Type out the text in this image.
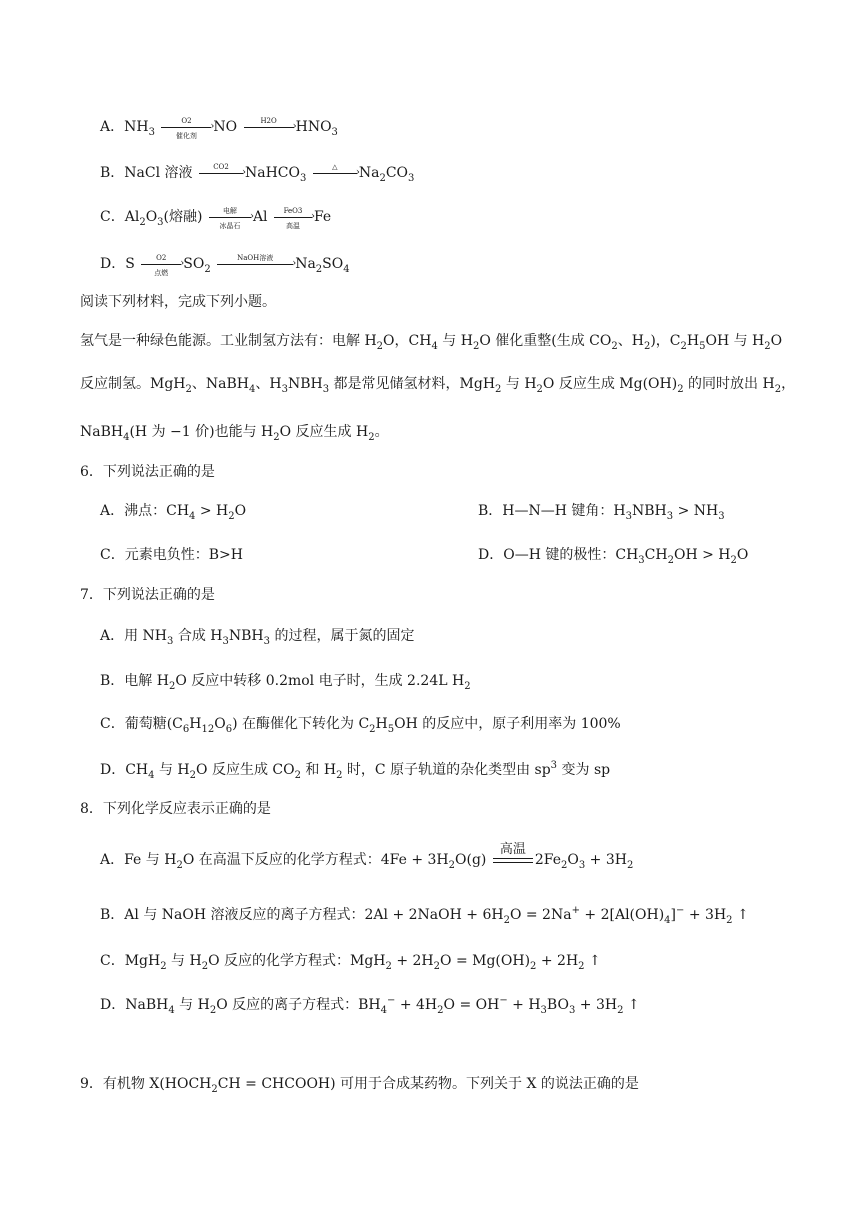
A．$NH_3$
O2	›
催化剂
NO	H2O	› $HNO_3$
B．NaCl 溶液	CO2	› NaHCO$_3$
△	› $Na_2CO_3$
C．$Al_2O_3$(熔融)	电解	›
冰晶石
Al	FeO3 ›
高温
Fe
D．S	O2	›
点燃
$SO_2$
NaOH溶液	› $Na_2SO_4$
阅读下列材料，完成下列小题。
氢气是一种绿色能源。工业制氢方法有：电解 $H_2O$，$CH_4$ 与 $H_2O$ 催化重整(生成 $CO_2$、$H_2$)，$C_2H_5OH$ 与 $H_2O$
反应制氢。MgH$_2$、NaBH$_4$、$H_3NBH_3$ 都是常见储氢材料，MgH$_2$ 与 $H_2O$ 反应生成 $Mg(OH)_2$ 的同时放出 $H_2$，
NaBH$_4$(H 为 −1 价)也能与 $H_2O$ 反应生成 $H_2$。
6．下列说法正确的是
A．沸点：$CH_4 > H_2O$	B．H—N—H 键角：$H_3NBH_3 > NH_3$
C．元素电负性：B>H	D．O—H 键的极性：$CH_3CH_2OH > H_2O$
7．下列说法正确的是
A．用 $NH_3$ 合成 $H_3NBH_3$ 的过程，属于氮的固定
B．电解 $H_2O$ 反应中转移 0.2mol 电子时，生成 2.24L $H_2$
C．葡萄糖$(C_6H_{12}O_6)$ 在酶催化下转化为 $C_2H_5OH$ 的反应中，原子利用率为 100%
D．$CH_4$ 与 $H_2O$ 反应生成 $CO_2$ 和 $H_2$ 时，C 原子轨道的杂化类型由 $sp^3$ 变为 sp
8．下列化学反应表示正确的是
A．Fe 与 $H_2O$ 在高温下反应的化学方程式：$4Fe + 3H_2O(g)$
高温
$2Fe_2O_3 + 3H_2$
B．Al 与 NaOH 溶液反应的离子方程式：2Al + 2NaOH + $6H_2O = 2Na^+ + 2[Al(OH)_4]^- + 3H_2$ ↑
C．MgH$_2$ 与 $H_2O$ 反应的化学方程式：$MgH_2 + 2H_2O = Mg(OH)_2 + 2H_2$ ↑
D．NaBH$_4$ 与 $H_2O$ 反应的离子方程式：$BH_4^- + 4H_2O = OH^- + H_3BO_3 + 3H_2$ ↑
9．有机物 $X(HOCH_2CH$ = CHCOOH) 可用于合成某药物。下列关于 X 的说法正确的是
